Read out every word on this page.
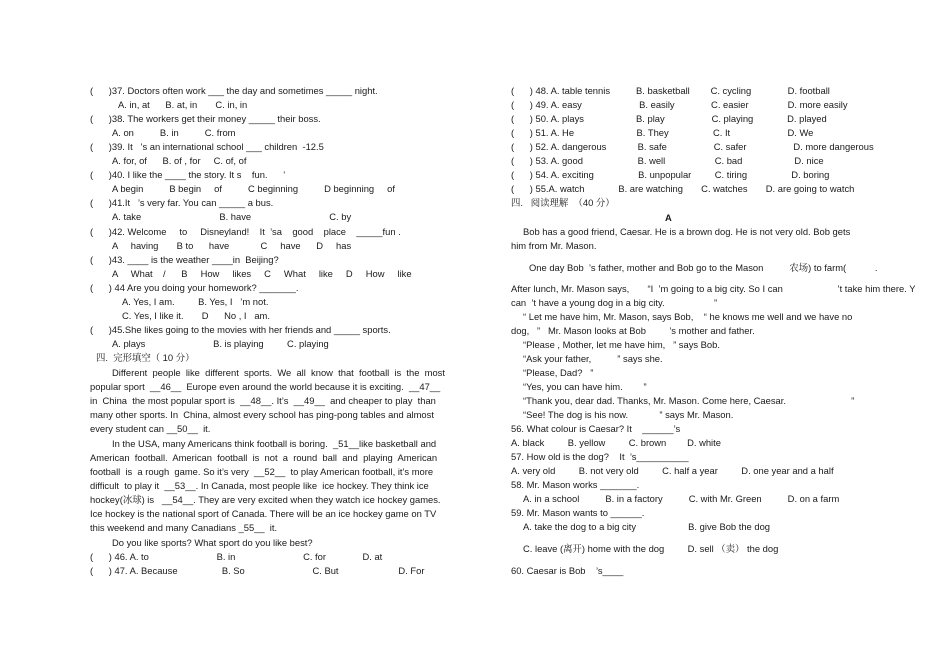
(      )37. Doctors often work ___ the day and sometimes _____ night.
A. in, at      B. at, in       C. in, in
(      )38. The workers get their money _____ their boss.
A. on          B. in          C. from
(      )39. It   ’s an international school ___ children  -12.5
A. for, of      B. of , for     C. of, of
(      )40. I like the ____ the story. It s    fun.      ’
A begin          B begin     of          C beginning          D beginning     of
(      )41.It   ’s very far. You can _____ a bus.
A. take                              B. have                              C. by
(      )42. Welcome     to     Disneyland!    It  ’sa    good    place    _____fun .
A     having       B to      have            C     have      D     has
(      )43. ____ is the weather ____in  Beijing?
A     What    /      B     How     likes     C     What     like     D     How     like
(      ) 44 Are you doing your homework? _______.
A. Yes, I am.         B. Yes, I   ’m not.
C. Yes, I like it.       D      No , I   am.
(      )45.She likes going to the movies with her friends and _____ sports.
A. plays                          B. is playing         C. playing
四.  完形填空（ 10 分）
Different  people  like  different  sports.  We  all  know  that  football  is  the  most
popular sport  __46__  Europe even around the world because it is exciting.  __47__
in  China  the most popular sport is  __48__. It’s  __49__  and cheaper to play  than
many other sports. In  China, almost every school has ping-pong tables and almost
every student can __50__  it.
In the USA, many Americans think football is boring.  _51__like basketball and
American  football.  American  football  is  not  a  round  ball  and  playing  American
football  is  a rough  game. So it’s very  __52__  to play American football, it’s more
difficult  to play it  __53__. In Canada, most people like  ice hockey. They think ice
hockey(冰球) is   __54__. They are very excited when they watch ice hockey games.
Ice hockey is the national sport of Canada. There will be an ice hockey game on TV
this weekend and many Canadians _55__  it.
Do you like sports? What sport do you like best?
(      ) 46. A. to                          B. in                          C. for              D. at
(      ) 47. A. Because                 B. So                          C. But                       D. For
(      ) 48. A. table tennis          B. basketball        C. cycling              D. football
(      ) 49. A. easy                      B. easily              C. easier               D. more easily
(      ) 50. A. plays                    B. play                  C. playing             D. played
(      ) 51. A. He                        B. They                 C. It                      D. We
(      ) 52. A. dangerous            B. safe                  C. safer                  D. more dangerous
(      ) 53. A. good                     B. well                   C. bad                    D. nice
(      ) 54. A. exciting                 B. unpopular         C. tiring                 D. boring
(      ) 55.A. watch             B. are watching       C. watches       D. are going to watch
四.   阅读理解  （40 分）
A
Bob has a good friend, Caesar. He is a brown dog. He is not very old. Bob gets
him from Mr. Mason.
One day Bob  ’s father, mother and Bob go to the Mason          农场) to farm(           .
After lunch, Mr. Mason says,       “I  ’m going to a big city. So I can                     ’t take him there. Y
can  ’t have a young dog in a big city.                   ”
“ Let me have him, Mr. Mason, says Bob,    “ he knows me well and we have no
dog,   ”   Mr. Mason looks at Bob         ’s mother and father.
“Please , Mother, let me have him,   ” says Bob.
“Ask your father,          ” says she.
“Please, Dad?   ”
“Yes, you can have him.        ”
“Thank you, dear dad. Thanks, Mr. Mason. Come here, Caesar.                         ”
“See! The dog is his now.            ” says Mr. Mason.
56. What colour is Caesar? It    ______’s
A. black         B. yellow         C. brown        D. white
57. How old is the dog?    It  ’s__________
A. very old         B. not very old         C. half a year         D. one year and a half
58. Mr. Mason works _______.
A. in a school          B. in a factory          C. with Mr. Green          D. on a farm
59. Mr. Mason wants to ______.
A. take the dog to a big city                    B. give Bob the dog
C. leave (离开) home with the dog         D. sell （卖） the dog
60. Caesar is Bob    ’s____
